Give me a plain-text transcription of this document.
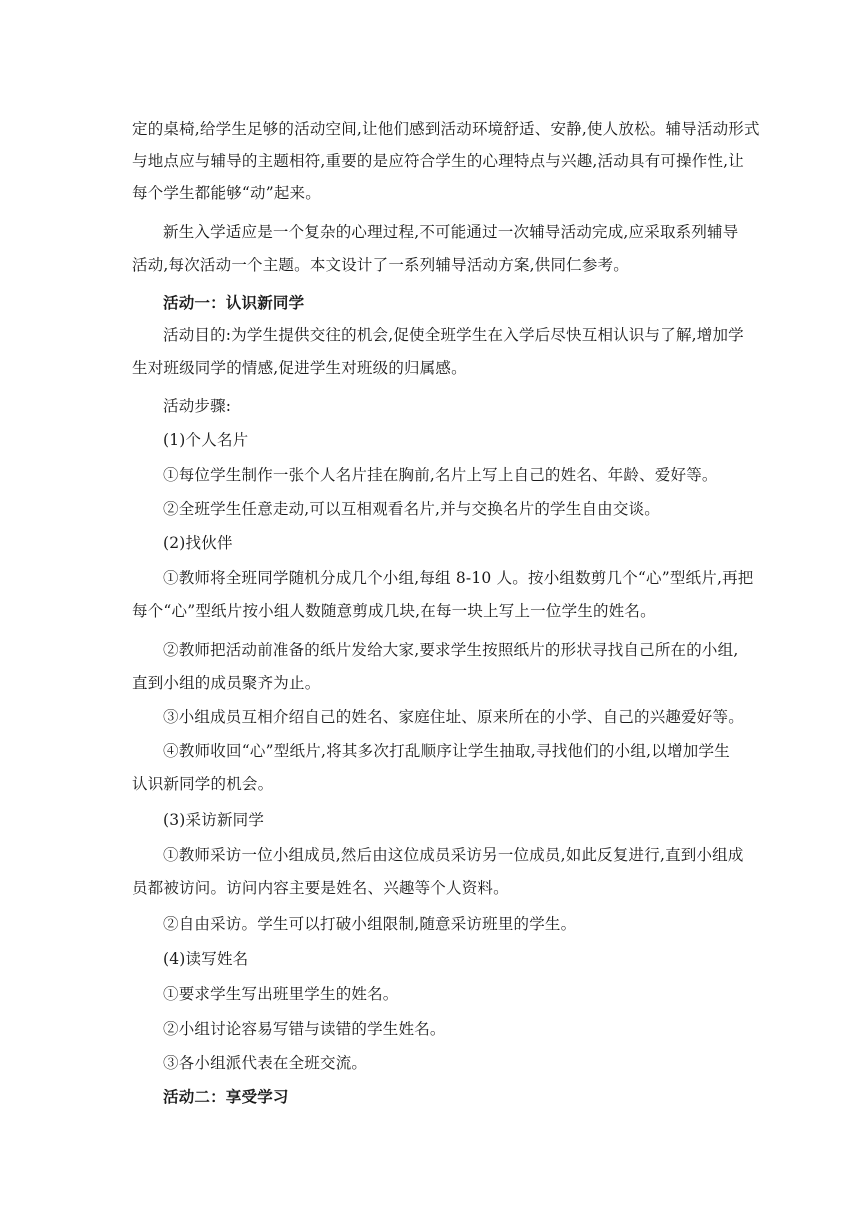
定的桌椅,给学生足够的活动空间,让他们感到活动环境舒适、安静,使人放松。辅导活动形式
与地点应与辅导的主题相符,重要的是应符合学生的心理特点与兴趣,活动具有可操作性,让
每个学生都能够“动”起来。
新生入学适应是一个复杂的心理过程,不可能通过一次辅导活动完成,应采取系列辅导
活动,每次活动一个主题。本文设计了一系列辅导活动方案,供同仁参考。
活动一：认识新同学
活动目的:为学生提供交往的机会,促使全班学生在入学后尽快互相认识与了解,增加学
生对班级同学的情感,促进学生对班级的归属感。
活动步骤:
(1)个人名片
①每位学生制作一张个人名片挂在胸前,名片上写上自己的姓名、年龄、爱好等。
②全班学生任意走动,可以互相观看名片,并与交换名片的学生自由交谈。
(2)找伙伴
①教师将全班同学随机分成几个小组,每组 8-10 人。按小组数剪几个“心”型纸片,再把
每个“心”型纸片按小组人数随意剪成几块,在每一块上写上一位学生的姓名。
②教师把活动前准备的纸片发给大家,要求学生按照纸片的形状寻找自己所在的小组,
直到小组的成员聚齐为止。
③小组成员互相介绍自己的姓名、家庭住址、原来所在的小学、自己的兴趣爱好等。
④教师收回“心”型纸片,将其多次打乱顺序让学生抽取,寻找他们的小组,以增加学生
认识新同学的机会。
(3)采访新同学
①教师采访一位小组成员,然后由这位成员采访另一位成员,如此反复进行,直到小组成
员都被访问。访问内容主要是姓名、兴趣等个人资料。
②自由采访。学生可以打破小组限制,随意采访班里的学生。
(4)读写姓名
①要求学生写出班里学生的姓名。
②小组讨论容易写错与读错的学生姓名。
③各小组派代表在全班交流。
活动二：享受学习
